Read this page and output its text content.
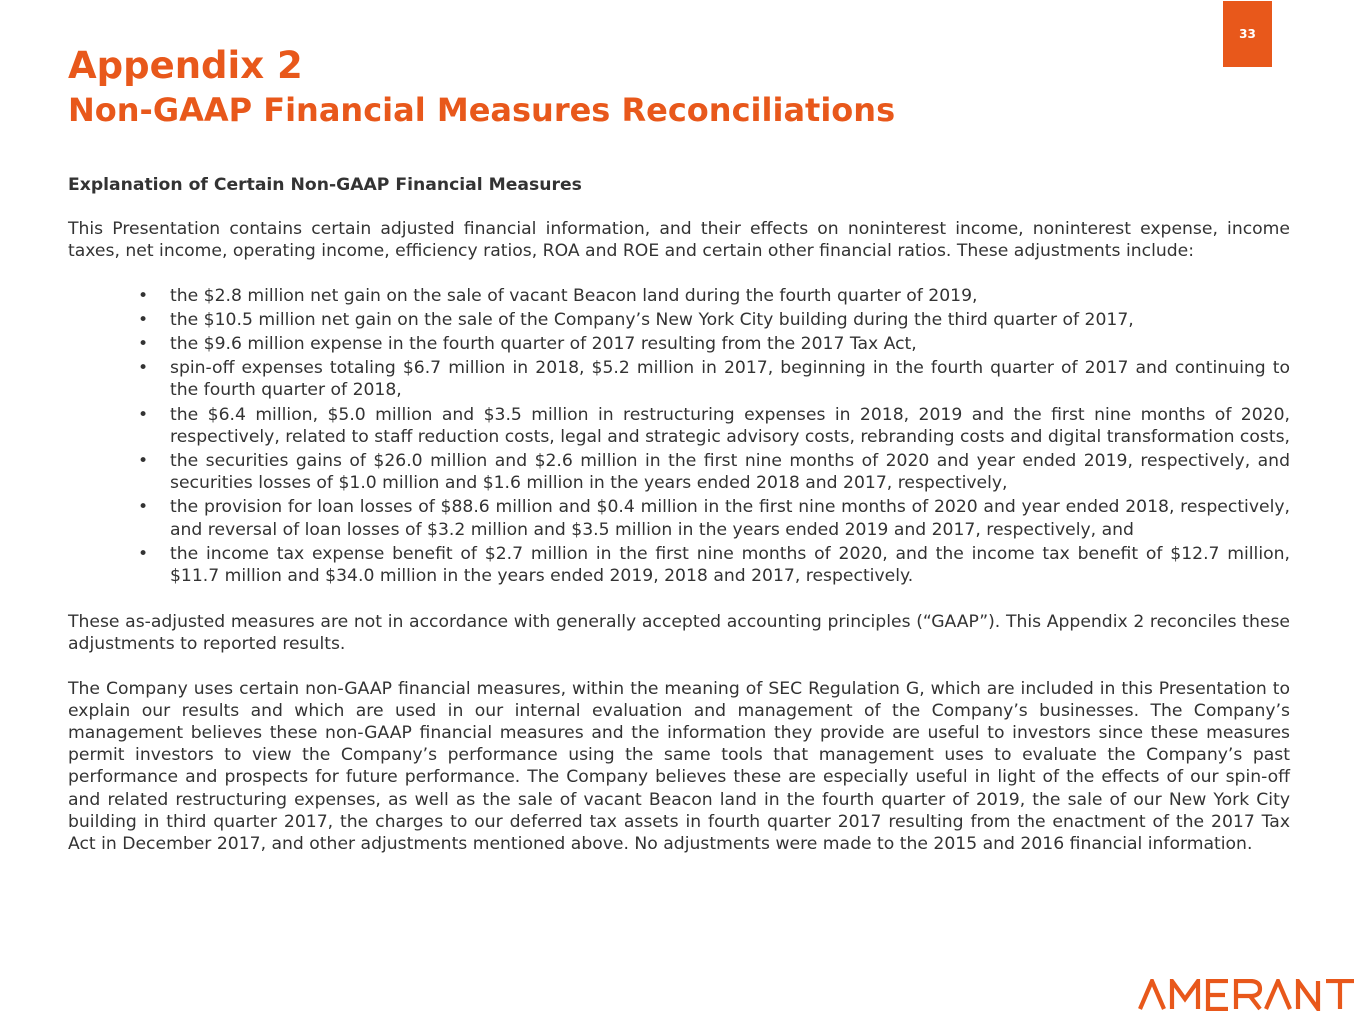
33
Appendix 2
Non-GAAP Financial Measures Reconciliations

Explanation of Certain Non-GAAP Financial Measures

This Presentation contains certain adjusted financial information, and their effects on noninterest income, noninterest expense, income taxes, net income, operating income, efficiency ratios, ROA and ROE and certain other financial ratios. These adjustments include:

• the $2.8 million net gain on the sale of vacant Beacon land during the fourth quarter of 2019,
• the $10.5 million net gain on the sale of the Company’s New York City building during the third quarter of 2017,
• the $9.6 million expense in the fourth quarter of 2017 resulting from the 2017 Tax Act,
• spin-off expenses totaling $6.7 million in 2018, $5.2 million in 2017, beginning in the fourth quarter of 2017 and continuing to the fourth quarter of 2018,
• the $6.4 million, $5.0 million and $3.5 million in restructuring expenses in 2018, 2019 and the first nine months of 2020, respectively, related to staff reduction costs, legal and strategic advisory costs, rebranding costs and digital transformation costs,
• the securities gains of $26.0 million and $2.6 million in the first nine months of 2020 and year ended 2019, respectively, and securities losses of $1.0 million and $1.6 million in the years ended 2018 and 2017, respectively,
• the provision for loan losses of $88.6 million and $0.4 million in the first nine months of 2020 and year ended 2018, respectively, and reversal of loan losses of $3.2 million and $3.5 million in the years ended 2019 and 2017, respectively, and
• the income tax expense benefit of $2.7 million in the first nine months of 2020, and the income tax benefit of $12.7 million, $11.7 million and $34.0 million in the years ended 2019, 2018 and 2017, respectively.

These as-adjusted measures are not in accordance with generally accepted accounting principles (“GAAP”). This Appendix 2 reconciles these adjustments to reported results.

The Company uses certain non-GAAP financial measures, within the meaning of SEC Regulation G, which are included in this Presentation to explain our results and which are used in our internal evaluation and management of the Company’s businesses. The Company’s management believes these non-GAAP financial measures and the information they provide are useful to investors since these measures permit investors to view the Company’s performance using the same tools that management uses to evaluate the Company’s past performance and prospects for future performance. The Company believes these are especially useful in light of the effects of our spin-off and related restructuring expenses, as well as the sale of vacant Beacon land in the fourth quarter of 2019, the sale of our New York City building in third quarter 2017, the charges to our deferred tax assets in fourth quarter 2017 resulting from the enactment of the 2017 Tax Act in December 2017, and other adjustments mentioned above. No adjustments were made to the 2015 and 2016 financial information.

AMERANT
